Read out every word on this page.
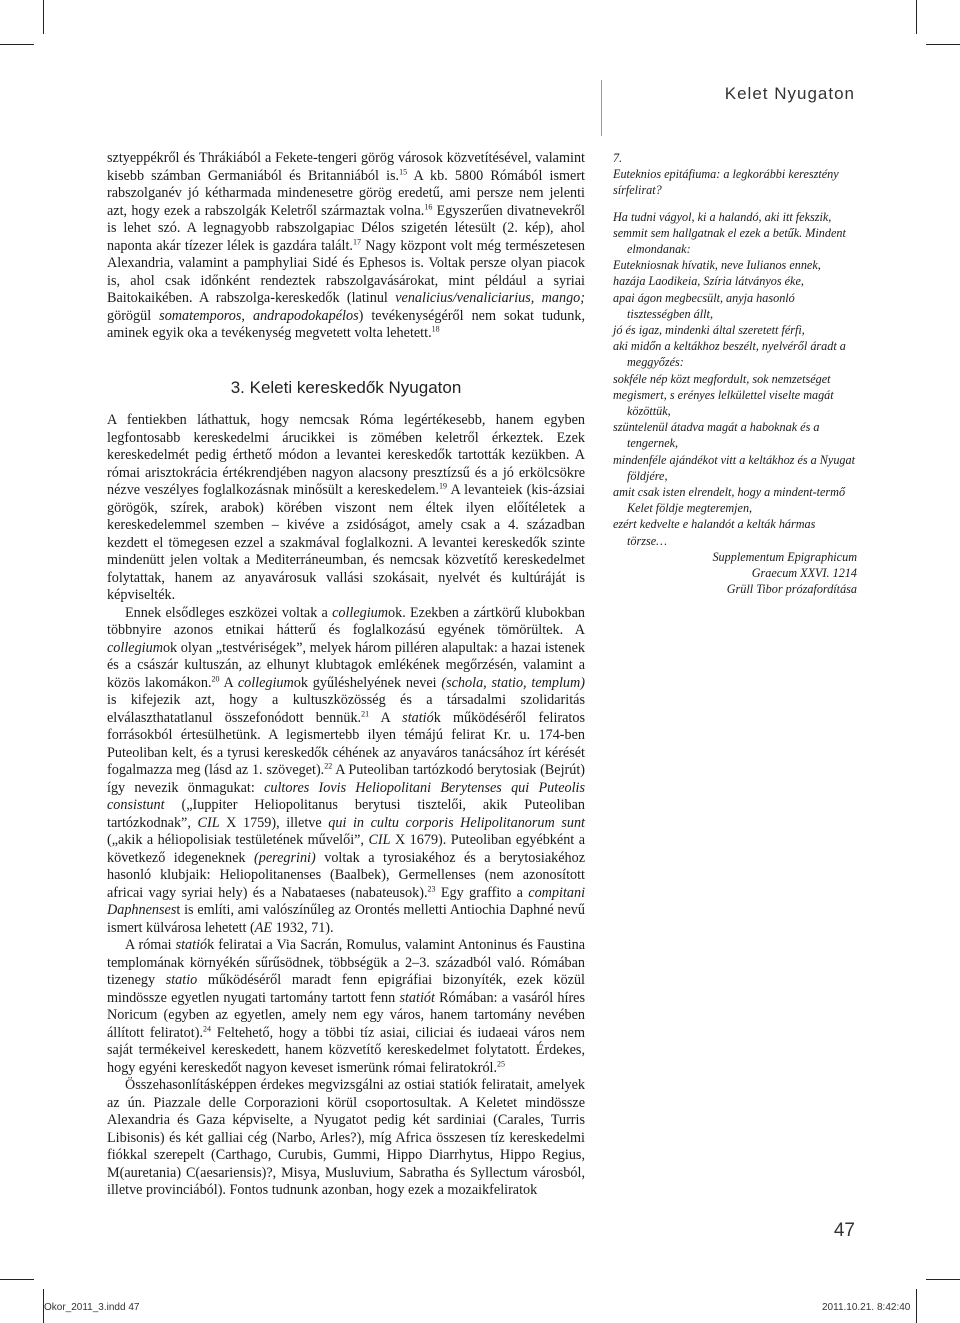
Kelet Nyugaton

sztyeppékről és Thrákiából a Fekete-tengeri görög városok közvetítésével, valamint kisebb számban Germaniából és Britanniából is.$^{15}$ A kb. 5800 Rómából ismert rabszolganév jó kétharmada mindenesetre görög eredetű, ami persze nem jelenti azt, hogy ezek a rabszolgák Keletről származtak volna.$^{16}$ Egyszerűen divatnevekről is lehet szó. A legnagyobb rabszolgapiac Délos szigetén létesült (2. kép), ahol naponta akár tízezer lélek is gazdára talált.$^{17}$ Nagy központ volt még természetesen Alexandria, valamint a pamphyliai Sidé és Ephesos is. Voltak persze olyan piacok is, ahol csak időnként rendeztek rabszolgavásárokat, mint például a syriai Baitokaikében. A rabszolga-kereskedők (latinul venalicius/venaliciarius, mango; görögül somatemporos, andrapodokapélos) tevékenységéről nem sokat tudunk, aminek egyik oka a tevékenység megvetett volta lehetett.$^{18}$

3. Keleti kereskedők Nyugaton

A fentiekben láthattuk, hogy nemcsak Róma legértékesebb, hanem egyben legfontosabb kereskedelmi árucikkei is zömében keletről érkeztek. Ezek kereskedelmét pedig érthető módon a levantei kereskedők tartották kezükben. A római arisztokrácia értékrendjében nagyon alacsony presztízsű és a jó erkölcsökre nézve veszélyes foglalkozásnak minősült a kereskedelem.$^{19}$ A levanteiek (kis-ázsiai görögök, szírek, arabok) körében viszont nem éltek ilyen előítéletek a kereskedelemmel szemben – kivéve a zsidóságot, amely csak a 4. században kezdett el tömegesen ezzel a szakmával foglalkozni. A levantei kereskedők szinte mindenütt jelen voltak a Mediterráneumban, és nemcsak közvetítő kereskedelmet folytattak, hanem az anyavárosuk vallási szokásait, nyelvét és kultúráját is képviselték.

Ennek elsődleges eszközei voltak a collegiumok. Ezekben a zártkörű klubokban többnyire azonos etnikai hátterű és foglalkozású egyének tömörültek. A collegiumok olyan „testvériségek”, melyek három pilléren alapultak: a hazai istenek és a császár kultuszán, az elhunyt klubtagok emlékének megőrzésén, valamint a közös lakomákon.$^{20}$ A collegiumok gyűléshelyének nevei (schola, statio, templum) is kifejezik azt, hogy a kultuszközösség és a társadalmi szolidaritás elválaszthatatlanul összefonódott bennük.$^{21}$ A statiók működéséről feliratos forrásokból értesülhetünk. A legismertebb ilyen témájú felirat Kr. u. 174-ben Puteoliban kelt, és a tyrusi kereskedők céhének az anyaváros tanácsához írt kérését fogalmazza meg (lásd az 1. szöveget).$^{22}$ A Puteoliban tartózkodó berytosiak (Bejrút) így nevezik önmagukat: cultores Iovis Heliopolitani Berytenses qui Puteolis consistunt („Iuppiter Heliopolitanus berytusi tisztelői, akik Puteoliban tartózkodnak”, CIL X 1759), illetve qui in cultu corporis Helipolitanorum sunt („akik a héliopolisiak testületének művelői”, CIL X 1679). Puteoliban egyébként a következő idegeneknek (peregrini) voltak a tyrosiakéhoz és a berytosiakéhoz hasonló klubjaik: Heliopolitanenses (Baalbek), Germellenses (nem azonosított africai vagy syriai hely) és a Nabataeses (nabateusok).$^{23}$ Egy graffito a compitani Daphnensest is említi, ami valószínűleg az Orontés melletti Antiochia Daphné nevű ismert külvárosa lehetett (AE 1932, 71).

A római statiók feliratai a Via Sacrán, Romulus, valamint Antoninus és Faustina templomának környékén sűrűsödnek, többségük a 2–3. századból való. Rómában tizenegy statio működéséről maradt fenn epigráfiai bizonyíték, ezek közül mindössze egyetlen nyugati tartomány tartott fenn statiót Rómában: a vasáról híres Noricum (egyben az egyetlen, amely nem egy város, hanem tartomány nevében állított feliratot).$^{24}$ Feltehető, hogy a többi tíz asiai, ciliciai és iudaeai város nem saját termékeivel kereskedett, hanem közvetítő kereskedelmet folytatott. Érdekes, hogy egyéni kereskedőt nagyon keveset ismerünk római feliratokról.$^{25}$

Összehasonlításképpen érdekes megvizsgálni az ostiai statiók feliratait, amelyek az ún. Piazzale delle Corporazioni körül csoportosultak. A Keletet mindössze Alexandria és Gaza képviselte, a Nyugatot pedig két sardiniai (Carales, Turris Libisonis) és két galliai cég (Narbo, Arles?), míg Africa összesen tíz kereskedelmi fiókkal szerepelt (Carthago, Curubis, Gummi, Hippo Diarrhytus, Hippo Regius, M(auretania) C(aesariensis)?, Misya, Musluvium, Sabratha és Syllectum városból, illetve provinciából). Fontos tudnunk azonban, hogy ezek a mozaikfeliratok

7.
Euteknios epitáfiuma: a legkorábbi keresztény sírfelirat?
Ha tudni vágyol, ki a halandó, aki itt fekszik,
semmit sem hallgatnak el ezek a betűk. Mindent elmondanak:
Eutekniosnak hívatik, neve Iulianos ennek,
hazája Laodikeia, Szíria látványos éke,
apai ágon megbecsült, anyja hasonló tisztességben állt,
jó és igaz, mindenki által szeretett férfi,
aki midőn a keltákhoz beszélt, nyelvéről áradt a meggyőzés:
sokféle nép közt megfordult, sok nemzetséget
megismert, s erényes lelkülettel viselte magát közöttük,
szüntelenül átadva magát a haboknak és a tengernek,
mindenféle ajándékot vitt a keltákhoz és a Nyugat földjére,
amit csak isten elrendelt, hogy a mindent-termő Kelet földje megteremjen,
ezért kedvelte e halandót a kelták hármas törzse…
Supplementum Epigraphicum
Graecum XXVI. 1214
Grüll Tibor prózafordítása
47
Okor_2011_3.indd 47	2011.10.21. 8:42:40
